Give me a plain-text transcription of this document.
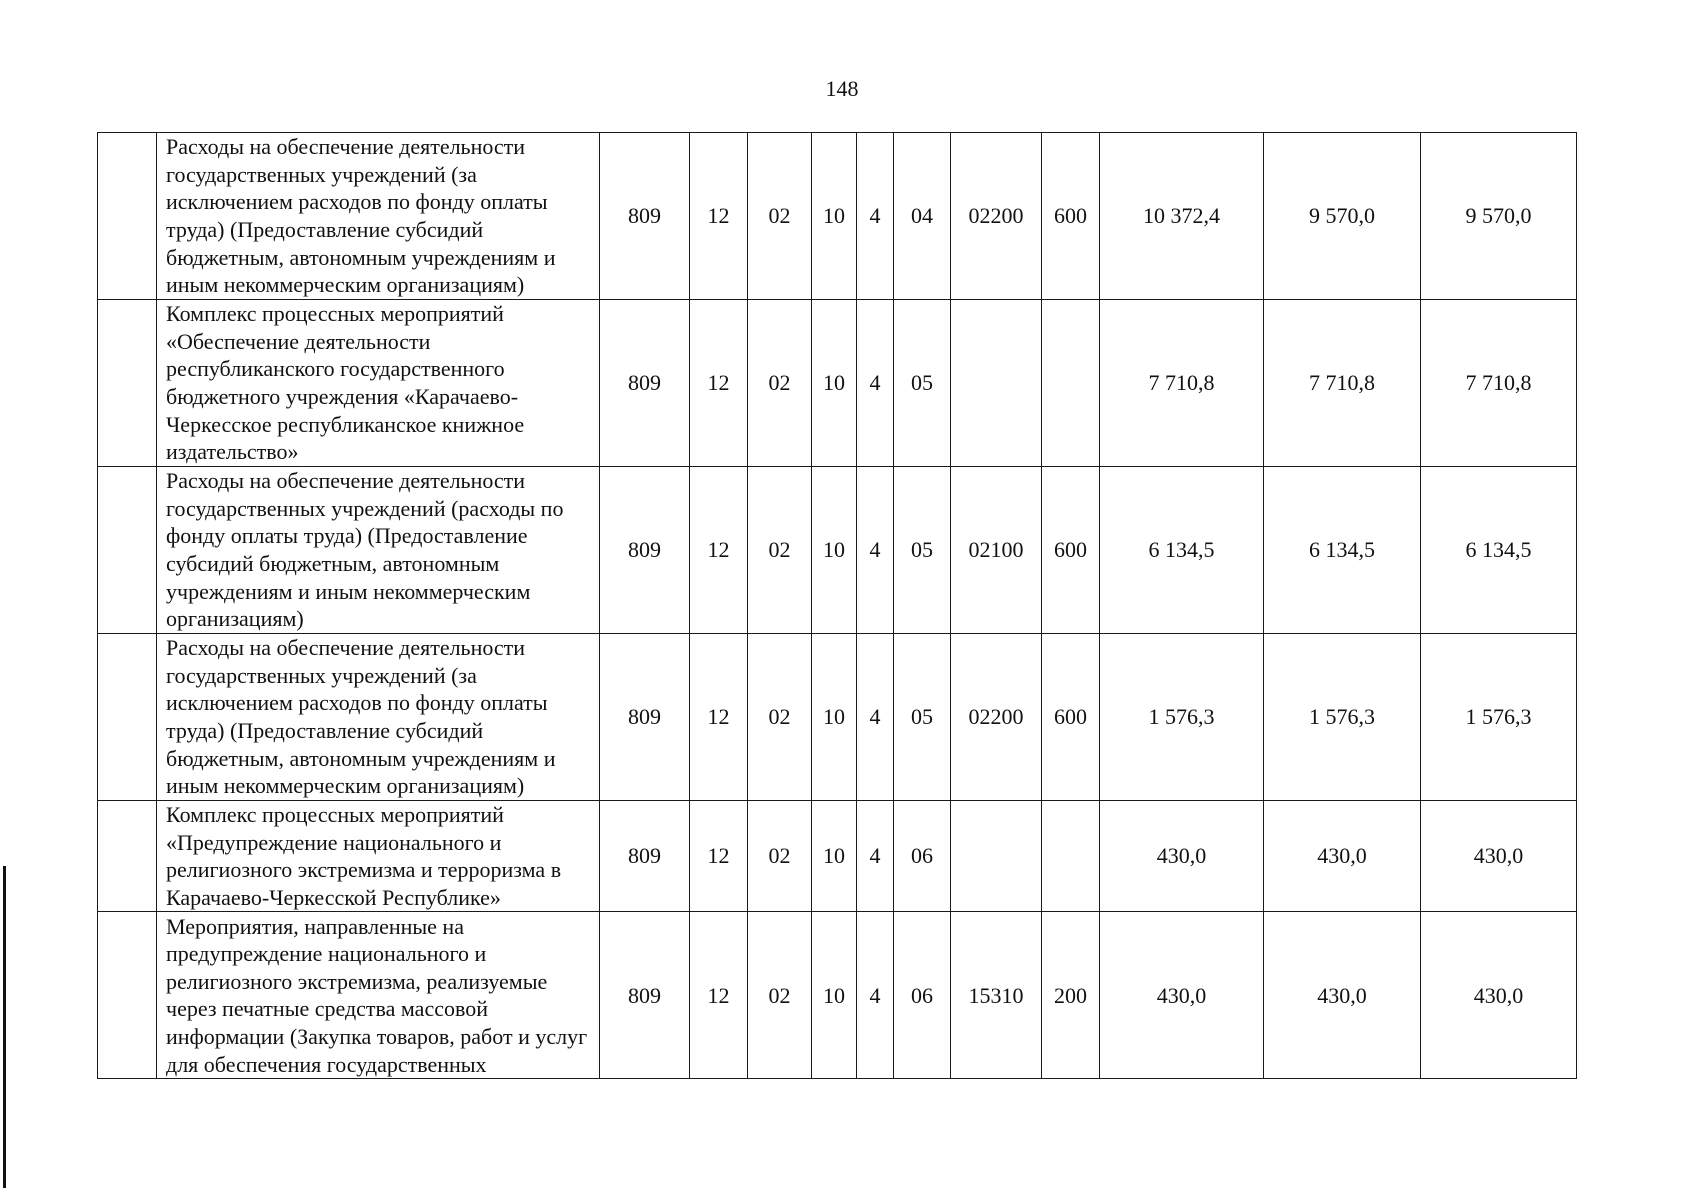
148
	Расходы на обеспечение деятельности государственных учреждений (за исключением расходов по фонду оплаты труда) (Предоставление субсидий бюджетным, автономным учреждениям и иным некоммерческим организациям)	809	12	02	10	4	04	02200	600	10 372,4	9 570,0	9 570,0
	Комплекс процессных мероприятий «Обеспечение деятельности республиканского государственного бюджетного учреждения «Карачаево-Черкесское республиканское книжное издательство»	809	12	02	10	4	05			7 710,8	7 710,8	7 710,8
	Расходы на обеспечение деятельности государственных учреждений (расходы по фонду оплаты труда) (Предоставление субсидий бюджетным, автономным учреждениям и иным некоммерческим организациям)	809	12	02	10	4	05	02100	600	6 134,5	6 134,5	6 134,5
	Расходы на обеспечение деятельности государственных учреждений (за исключением расходов по фонду оплаты труда) (Предоставление субсидий бюджетным, автономным учреждениям и иным некоммерческим организациям)	809	12	02	10	4	05	02200	600	1 576,3	1 576,3	1 576,3
	Комплекс процессных мероприятий «Предупреждение национального и религиозного экстремизма и терроризма в Карачаево-Черкесской Республике»	809	12	02	10	4	06			430,0	430,0	430,0
	Мероприятия, направленные на предупреждение национального и религиозного экстремизма, реализуемые через печатные средства массовой информации (Закупка товаров, работ и услуг для обеспечения государственных	809	12	02	10	4	06	15310	200	430,0	430,0	430,0
